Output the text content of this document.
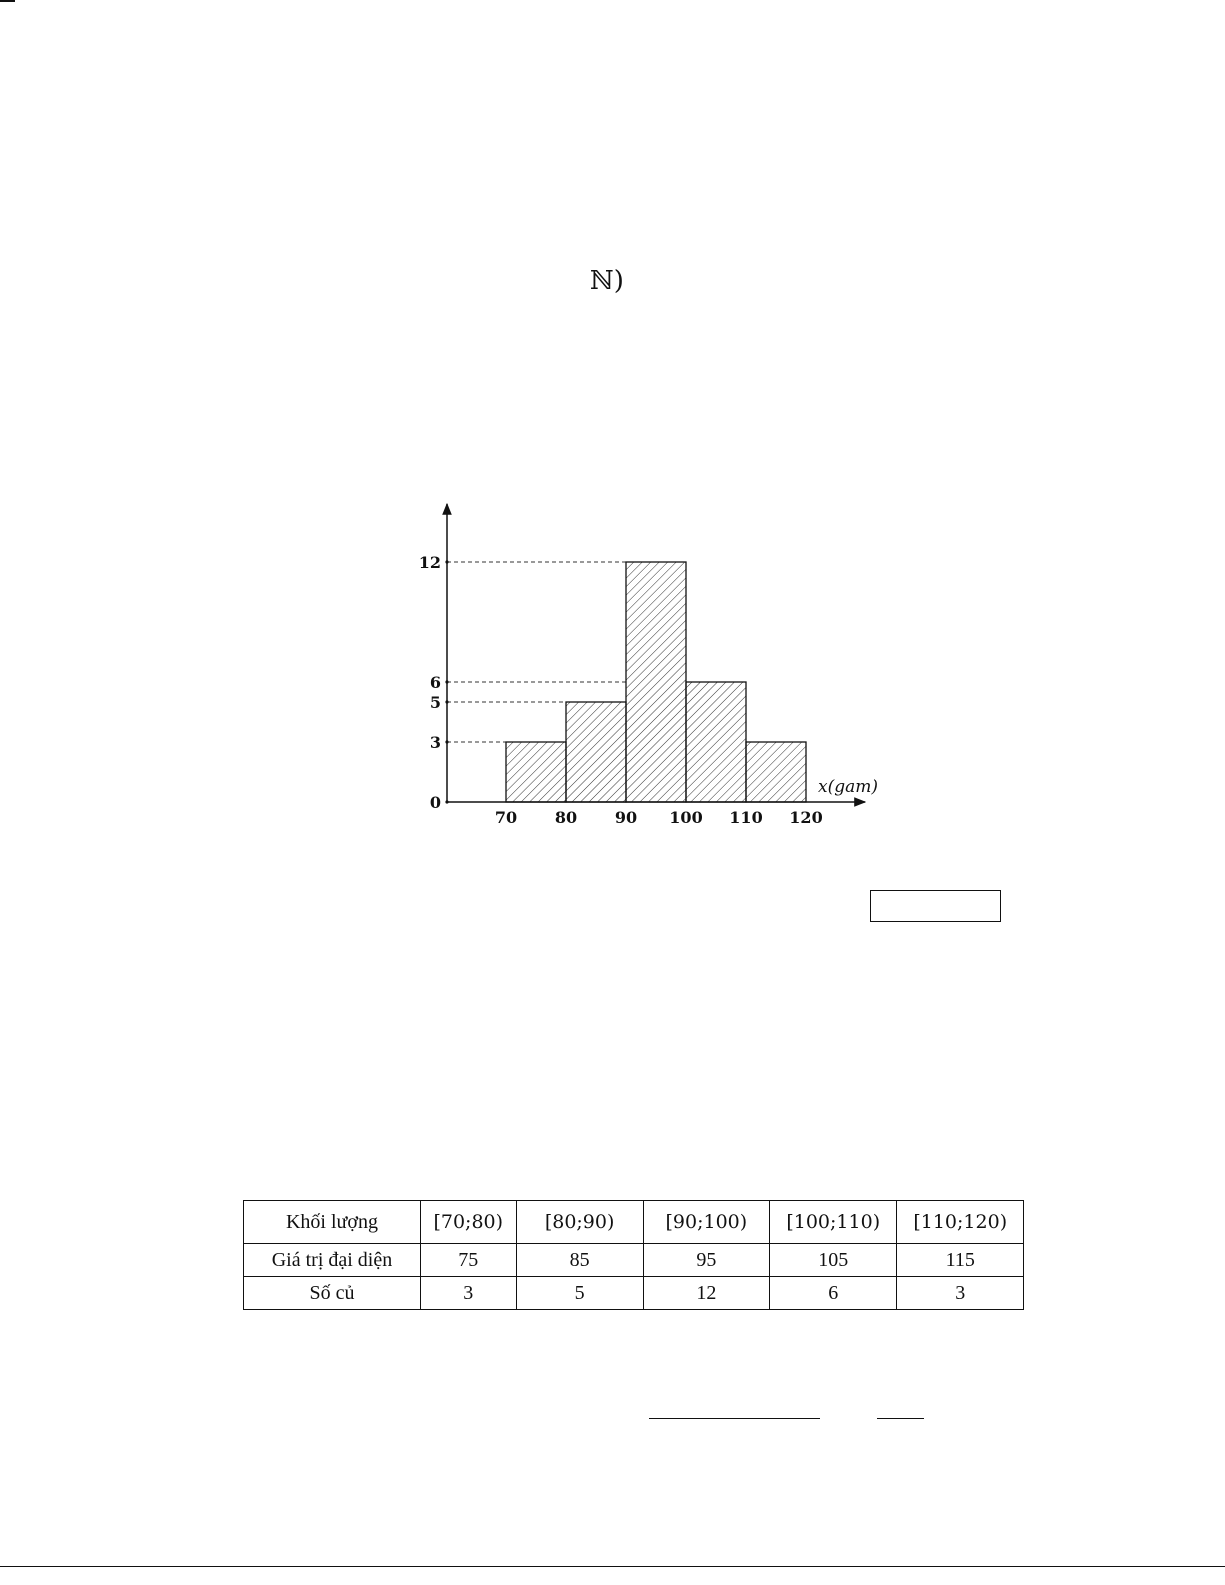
ℕ)
70 80 90 100 110 120
0
3
5
6
12
x(gam)
Khối lượng	[70;80)	[80;90)	[90;100)	[100;110)	[110;120)
Giá trị đại diện	75	85	95	105	115
Số củ	3	5	12	6	3
